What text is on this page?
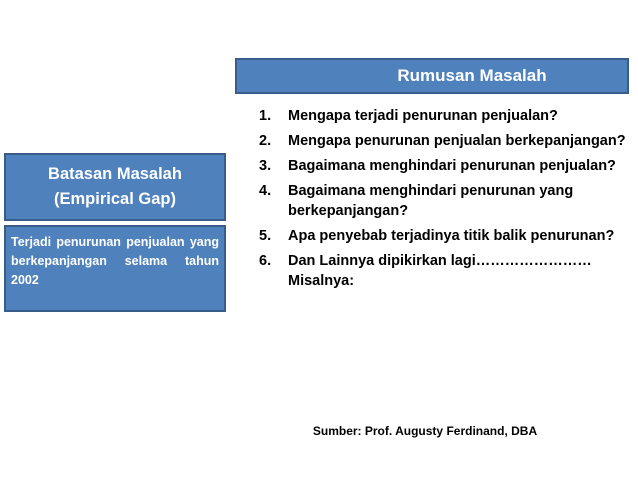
Rumusan Masalah
Batasan Masalah
(Empirical Gap)
Terjadi penurunan penjualan yang berkepanjangan selama tahun 2002
1.	Mengapa terjadi penurunan penjualan?
2.	Mengapa penurunan penjualan berkepanjangan?
3.	Bagaimana menghindari penurunan penjualan?
4.	Bagaimana menghindari penurunan yang berkepanjangan?
5.	Apa penyebab terjadinya titik balik penurunan?
6.	Dan Lainnya dipikirkan lagi……………………Misalnya:
Sumber: Prof. Augusty Ferdinand, DBA
